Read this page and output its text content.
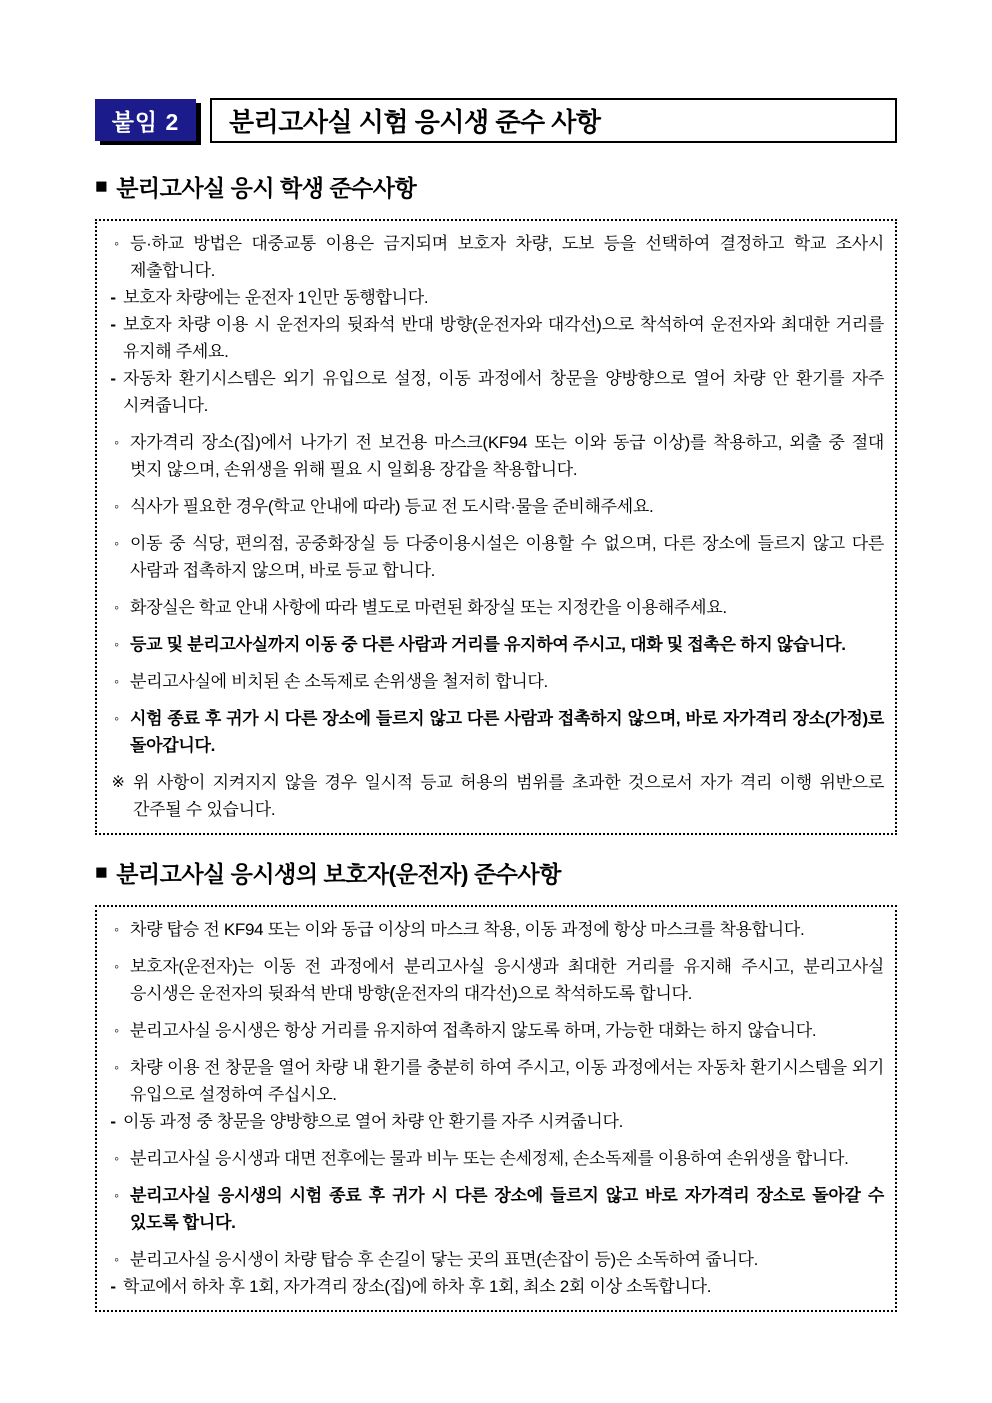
붙임 2 분리고사실 시험 응시생 준수 사항
■ 분리고사실 응시 학생 준수사항
◦ 등·하교 방법은 대중교통 이용은 금지되며 보호자 차량, 도보 등을 선택하여 결정하고 학교 조사시 제출합니다.
- 보호자 차량에는 운전자 1인만 동행합니다.
- 보호자 차량 이용 시 운전자의 뒷좌석 반대 방향(운전자와 대각선)으로 착석하여 운전자와 최대한 거리를 유지해 주세요.
- 자동차 환기시스템은 외기 유입으로 설정, 이동 과정에서 창문을 양방향으로 열어 차량 안 환기를 자주 시켜줍니다.
◦ 자가격리 장소(집)에서 나가기 전 보건용 마스크(KF94 또는 이와 동급 이상)를 착용하고, 외출 중 절대 벗지 않으며, 손위생을 위해 필요 시 일회용 장갑을 착용합니다.
◦ 식사가 필요한 경우(학교 안내에 따라) 등교 전 도시락·물을 준비해주세요.
◦ 이동 중 식당, 편의점, 공중화장실 등 다중이용시설은 이용할 수 없으며, 다른 장소에 들르지 않고 다른 사람과 접촉하지 않으며, 바로 등교 합니다.
◦ 화장실은 학교 안내 사항에 따라 별도로 마련된 화장실 또는 지정칸을 이용해주세요.
◦ 등교 및 분리고사실까지 이동 중 다른 사람과 거리를 유지하여 주시고, 대화 및 접촉은 하지 않습니다.
◦ 분리고사실에 비치된 손 소독제로 손위생을 철저히 합니다.
◦ 시험 종료 후 귀가 시 다른 장소에 들르지 않고 다른 사람과 접촉하지 않으며, 바로 자가격리 장소(가정)로 돌아갑니다.
※ 위 사항이 지켜지지 않을 경우 일시적 등교 허용의 범위를 초과한 것으로서 자가 격리 이행 위반으로 간주될 수 있습니다.
■ 분리고사실 응시생의 보호자(운전자) 준수사항
◦ 차량 탑승 전 KF94 또는 이와 동급 이상의 마스크 착용, 이동 과정에 항상 마스크를 착용합니다.
◦ 보호자(운전자)는 이동 전 과정에서 분리고사실 응시생과 최대한 거리를 유지해 주시고, 분리고사실 응시생은 운전자의 뒷좌석 반대 방향(운전자의 대각선)으로 착석하도록 합니다.
◦ 분리고사실 응시생은 항상 거리를 유지하여 접촉하지 않도록 하며, 가능한 대화는 하지 않습니다.
◦ 차량 이용 전 창문을 열어 차량 내 환기를 충분히 하여 주시고, 이동 과정에서는 자동차 환기시스템을 외기 유입으로 설정하여 주십시오.
- 이동 과정 중 창문을 양방향으로 열어 차량 안 환기를 자주 시켜줍니다.
◦ 분리고사실 응시생과 대면 전후에는 물과 비누 또는 손세정제, 손소독제를 이용하여 손위생을 합니다.
◦ 분리고사실 응시생의 시험 종료 후 귀가 시 다른 장소에 들르지 않고 바로 자가격리 장소로 돌아갈 수 있도록 합니다.
◦ 분리고사실 응시생이 차량 탑승 후 손길이 닿는 곳의 표면(손잡이 등)은 소독하여 줍니다.
- 학교에서 하차 후 1회, 자가격리 장소(집)에 하차 후 1회, 최소 2회 이상 소독합니다.
